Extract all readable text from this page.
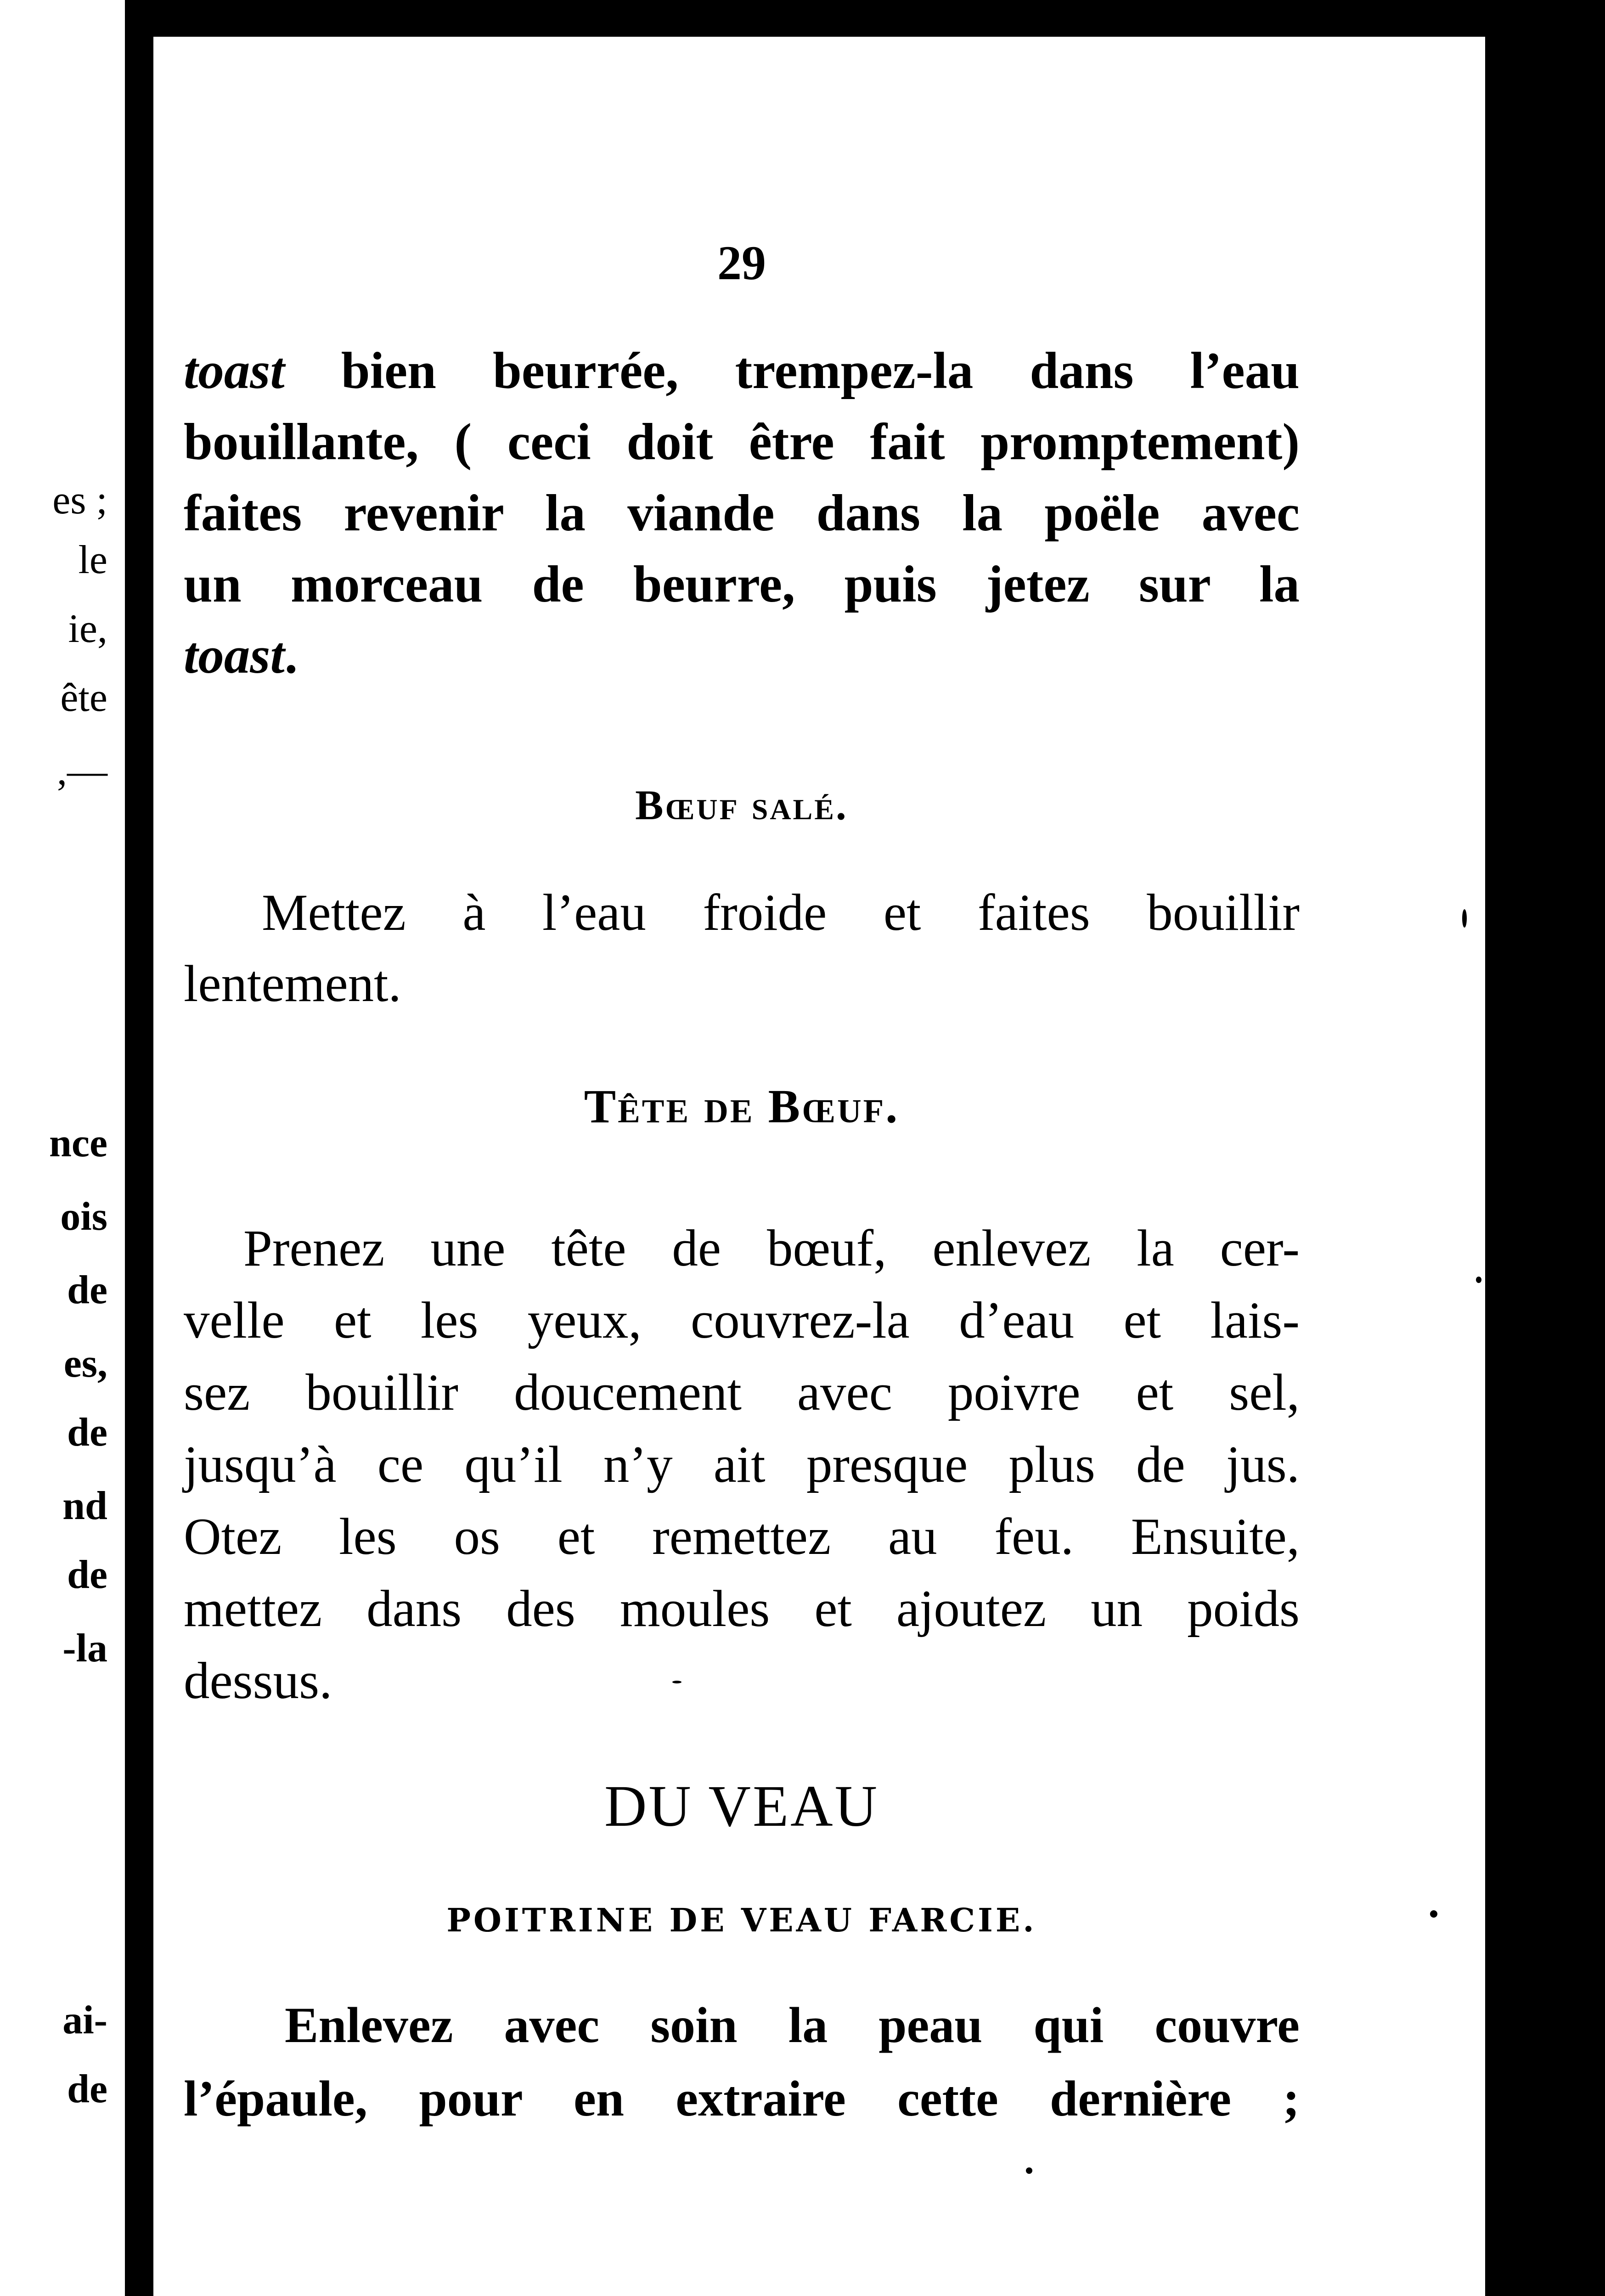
es ;
le
ie,
ête
,—
nce
ois
de
es,
de
nd
de
-la
ai-
de
29
toast bien beurrée, trempez-la dans l’eau
bouillante, ( ceci doit être fait promptement)
faites revenir la viande dans la poële avec
un morceau de beurre, puis jetez sur la
toast.
Bœuf salé.
Mettez à l’eau froide et faites bouillir
lentement.
Tête de Bœuf.
Prenez une tête de bœuf, enlevez la cer-
velle et les yeux, couvrez-la d’eau et lais-
sez bouillir doucement avec poivre et sel,
jusqu’à ce qu’il n’y ait presque plus de jus.
Otez les os et remettez au feu. Ensuite,
mettez dans des moules et ajoutez un poids
dessus.
DU VEAU
POITRINE DE VEAU FARCIE.
Enlevez avec soin la peau qui couvre
l’épaule, pour en extraire cette dernière ;
